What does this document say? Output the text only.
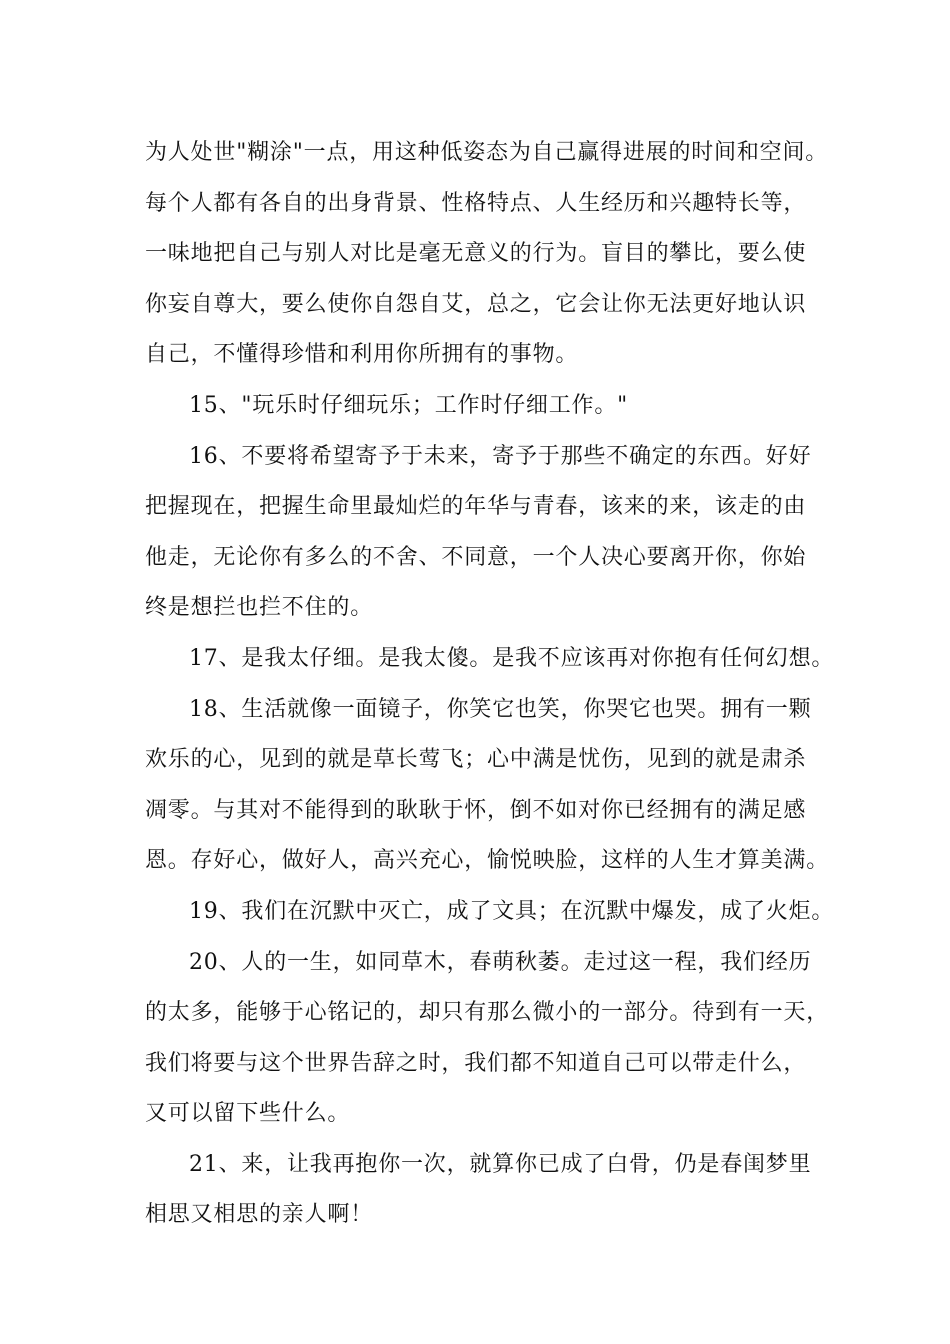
为人处世"糊涂"一点，用这种低姿态为自己赢得进展的时间和空间。
每个人都有各自的出身背景、性格特点、人生经历和兴趣特长等，
一味地把自己与别人对比是毫无意义的行为。盲目的攀比，要么使
你妄自尊大，要么使你自怨自艾，总之，它会让你无法更好地认识
自己，不懂得珍惜和利用你所拥有的事物。
15、"玩乐时仔细玩乐；工作时仔细工作。"
16、不要将希望寄予于未来，寄予于那些不确定的东西。好好
把握现在，把握生命里最灿烂的年华与青春，该来的来，该走的由
他走，无论你有多么的不舍、不同意，一个人决心要离开你，你始
终是想拦也拦不住的。
17、是我太仔细。是我太傻。是我不应该再对你抱有任何幻想。
18、生活就像一面镜子，你笑它也笑，你哭它也哭。拥有一颗
欢乐的心，见到的就是草长莺飞；心中满是忧伤，见到的就是肃杀
凋零。与其对不能得到的耿耿于怀，倒不如对你已经拥有的满足感
恩。存好心，做好人，高兴充心，愉悦映脸，这样的人生才算美满。
19、我们在沉默中灭亡，成了文具；在沉默中爆发，成了火炬。
20、人的一生，如同草木，春萌秋萎。走过这一程，我们经历
的太多，能够于心铭记的，却只有那么微小的一部分。待到有一天，
我们将要与这个世界告辞之时，我们都不知道自己可以带走什么，
又可以留下些什么。
21、来，让我再抱你一次，就算你已成了白骨，仍是春闺梦里
相思又相思的亲人啊！
